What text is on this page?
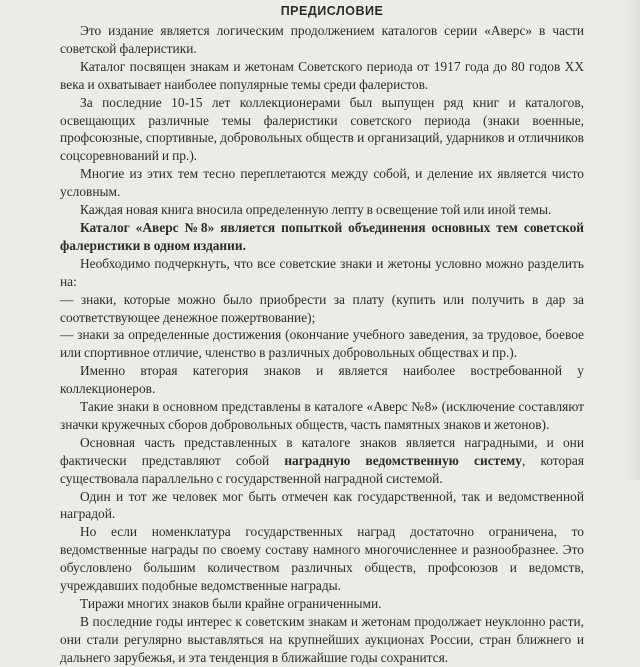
ПРЕДИСЛОВИЕ

Это издание является логическим продолжением каталогов серии «Аверс» в части советской фалеристики.

Каталог посвящен знакам и жетонам Советского периода от 1917 года до 80 годов XX века и охватывает наиболее популярные темы среди фалеристов.

За последние 10-15 лет коллекционерами был выпущен ряд книг и каталогов, освещающих различные темы фалеристики советского периода (знаки военные, профсоюзные, спортивные, добровольных обществ и организаций, ударников и отличников соцсоревнований и пр.).

Многие из этих тем тесно переплетаются между собой, и деление их является чисто условным.

Каждая новая книга вносила определенную лепту в освещение той или иной темы.

Каталог «Аверс №8» является попыткой объединения основных тем советской фалеристики в одном издании.

Необходимо подчеркнуть, что все советские знаки и жетоны условно можно разделить на:

— знаки, которые можно было приобрести за плату (купить или получить в дар за соответствующее денежное пожертвование);

— знаки за определенные достижения (окончание учебного заведения, за трудовое, боевое или спортивное отличие, членство в различных добровольных обществах и пр.).

Именно вторая категория знаков и является наиболее востребованной у коллекционеров.

Такие знаки в основном представлены в каталоге «Аверс №8» (исключение составляют значки кружечных сборов добровольных обществ, часть памятных знаков и жетонов).

Основная часть представленных в каталоге знаков является наградными, и они фактически представляют собой наградную ведомственную систему, которая существовала параллельно с государственной наградной системой.

Один и тот же человек мог быть отмечен как государственной, так и ведомственной наградой.

Но если номенклатура государственных наград достаточно ограничена, то ведомственные награды по своему составу намного многочисленнее и разнообразнее. Это обусловлено большим количеством различных обществ, профсоюзов и ведомств, учреждавших подобные ведомственные награды.

Тиражи многих знаков были крайне ограниченными.

В последние годы интерес к советским знакам и жетонам продолжает неуклонно расти, они стали регулярно выставляться на крупнейших аукционах России, стран ближнего и дальнего зарубежья, и эта тенденция в ближайшие годы сохранится.
